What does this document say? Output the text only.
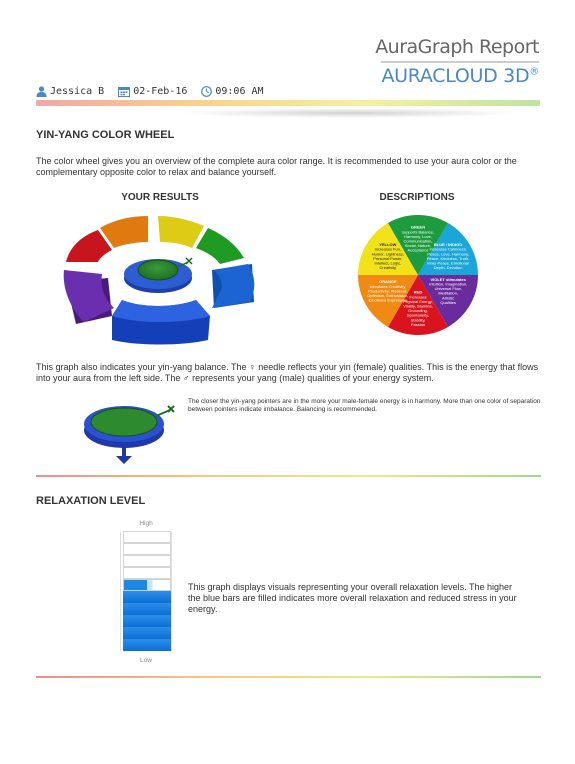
AuraGraph Report
AURACLOUD 3D®
Jessica B	02-Feb-16	09:06 AM
YIN-YANG COLOR WHEEL
The color wheel gives you an overview of the complete aura color range. It is recommended to use your aura color or the complementary opposite color to relax and balance yourself.
YOUR RESULTS	DESCRIPTIONS
BLUE / INDIGO
Increases Calmness,
Peace, Love, Harmony,
Peace, Kindness, Truth,
Inner Peace, Emotional
Depth, Devotion
VIOLET stimulates
Intuition, Imagination,
Universal Flow,
Meditation,
Artistic
Qualities
RED
Increases
Physical Energy,
Vitality, Stamina,
Grounding,
Spontaneity,
Stability,
Passion
ORANGE
stimulates Creativity,
Productivity, Pleasure,
Optimism, Enthusiasm,
Emotional Expression
YELLOW
Increases Fun,
Humor, Lightness,
Personal Power,
Intellect, Logic,
Creativity
GREEN
supports Balance,
Harmony, Love,
Communication,
Social, Nature,
Acceptance
This graph also indicates your yin-yang balance. The ♀ needle reflects your yin (female) qualities. This is the energy that flows into your aura from the left side. The ♂ represents your yang (male) qualities of your energy system.
The closer the yin-yang pointers are in the more your male-female energy is in harmony. More than one color of separation between pointers indicate imbalance. Balancing is recommended.
RELAXATION LEVEL
High
Low
This graph displays visuals representing your overall relaxation levels. The higher the blue bars are filled indicates more overall relaxation and reduced stress in your energy.
